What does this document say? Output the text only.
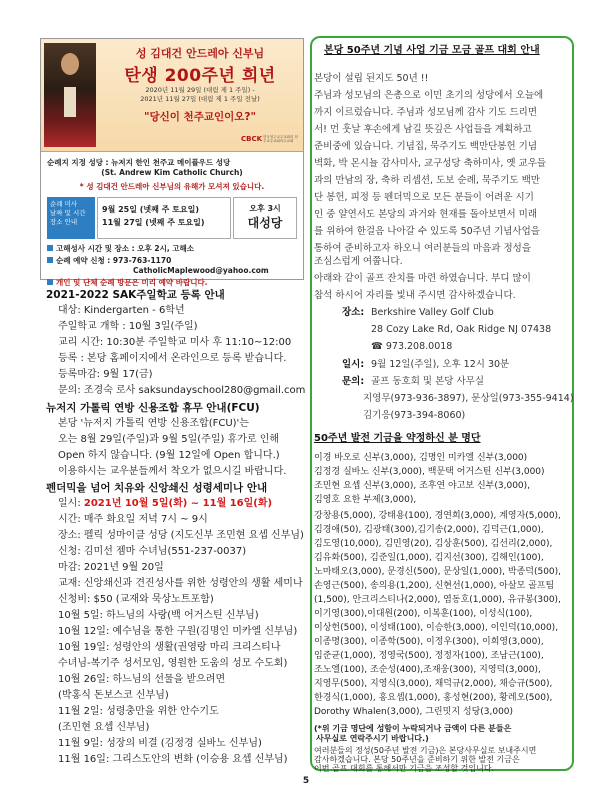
성 김대건 안드레아 신부님
탄생 200주년 희년
2020년 11월 29일 (대림 제 1 주일) -
2021년 11월 27일 (대림 제 1 주일 전날)
"당신이 천주교인이오?"
CBCK 한국천주교주교회의 천주교주교회의주교회
순례지 지정 성당 : 뉴저지 한인 천주교 메이플우드 성당
(St. Andrew Kim Catholic Church)
* 성 김대건 안드레아 신부님의 유해가 모셔져 있습니다.
순례 미사
날짜 및 시간
장소 안내
9월 25일 (넷째 주 토요일)
11월 27일 (넷째 주 토요일)
오후 3시
대성당
고해성사 시간 및 장소 : 오후 2시, 고해소
순례 예약 신청 : 973-763-1170
CatholicMaplewood@yahoo.com
개인 및 단체 순례 방문은 미리 예약 바랍니다.
2021-2022 SAK주일학교 등록 안내
대상: Kindergarten - 6학년
주일학교 개학 : 10월 3일(주일)
교리 시간: 10:30분 주일학교 미사 후 11:10~12:00
등록 : 본당 홈페이지에서 온라인으로 등록 받습니다.
등록마감: 9월 17(금)
문의: 조경숙 로사 saksundayschool280@gmail.com
뉴저지 가톨릭 연방 신용조합 휴무 안내(FCU)
본당 '뉴저지 가톨릭 연방 신용조합(FCU)'는
오는 8월 29일(주일)과 9월 5일(주일) 휴가로 인해
Open 하지 않습니다. (9월 12일에 Open 합니다.)
이용하시는 교우분들께서 착오가 없으시길 바랍니다.
펜더믹을 넘어 치유와 신앙쇄신 성령세미나 안내
일시: 2021년 10월 5일(화) ~ 11월 16일(화)
시간: 매주 화요일 저녁 7시 ~ 9시
장소: 펠릭 성마이클 성당 (지도신부 조민현 요셉 신부님)
신청: 김미선 젬마 수녀님(551-237-0037)
마감: 2021년 9월 20일
교재: 신앙쇄신과 견진성사를 위한 성령안의 생활 세미나
신청비: $50 (교재와 묵상노트포함)
10월 5일: 하느님의 사랑(백 어거스틴 신부님)
10월 12일: 예수님을 통한 구원(김명인 미카엘 신부님)
10월 19일: 성령안의 생활(권영랑 마리 크리스티나
수녀님-복기주 성서모임, 영원한 도움의 성모 수도회)
10월 26일: 하느님의 선물을 받으려면
(박홍식 돈보스코 신부님)
11월 2일: 성령충만을 위한 안수기도
(조민현 요셉 신부님)
11월 9일: 성장의 비결 (김정경 실바노 신부님)
11월 16일: 그리스도안의 변화 (이승용 요셉 신부님)
본당 50주년 기념 사업 기금 모금 골프 대회 안내
본당이 설립 된지도 50년 !!
주님과 성모님의 은총으로 이민 초기의 성당에서 오늘에
까지 이르렀습니다. 주님과 성모님께 감사 기도 드리면
서! 먼 훗날 후손에게 남길 뜻깊은 사업들을 계획하고
준비중에 있습니다. 기념집, 묵주기도 백만단봉헌 기념
벽화, 박 몬시뇰 감사미사, 교구성당 축하미사, 옛 교우들
과의 만남의 장, 축하 리셉션, 도보 순례, 묵주기도 백만
단 봉헌, 피정 등 펜더믹으로 모든 분들이 어려운 시기
인 중 얄연서도 본당의 과거와 현재를 돌아보면서 미래
를 위하여 한걸음 나아갈 수 있도록 50주년 기념사업을
통하여 준비하고자 하오니 여러분들의 마음과 정성을
조심스럽게 여쭙니다.
아래와 같이 골프 잔치를 마련 하였습니다. 부디 많이
참석 하시어 자리를 빛내 주시면 감사하겠습니다.
장소: Berkshire Valley Golf Club
28 Cozy Lake Rd, Oak Ridge NJ 07438
☎ 973.208.0018
일시: 9월 12일(주일), 오후 12시 30분
문의: 골프 동호회 및 본당 사무실
지영무(973-936-3897), 문상일(973-355-9414)
김기응(973-394-8060)
50주년 발전 기금을 약정하신 분 명단
이경 바오로 신부(3,000), 김명인 미카엘 신부(3,000)
김정경 실바노 신부(3,000), 백문택 어거스틴 신부(3,000)
조민현 요셉 신부(3,000), 조후연 야고보 신부(3,000),
김영호 요한 부제(3,000),
강창용(5,000), 강태용(100), 경연희(3,000), 계영자(5,000),
김경애(50), 김광태(300),김기송(2,000), 김덕근(1,000),
김도영(10,000), 김민영(20), 김상훈(500), 김선리(2,000),
김유화(500), 김준일(1,000), 김지선(300), 김해인(100),
노마태오(3,000), 문경신(500), 문상일(1,000), 박종덕(500),
손영근(500), 송의용(1,200), 신현선(1,000), 아살모 골프팀
(1,500), 안크리스티나(2,000), 염동호(1,000), 유규봉(300),
이기영(300),이대원(200), 이복훈(100), 이성식(100),
이상헌(500), 이성태(100), 이승한(3,000), 이인덕(10,000),
이종명(300), 이종학(500), 이정우(300), 이희영(3,000),
임준균(1,000), 정영국(500), 정정자(100), 조남근(100),
조노엘(100), 조순성(400),조재웅(300), 지영덕(3,000),
지영무(500), 지영식(3,000), 채덕규(2,000), 채승규(500),
한경식(1,000), 홍요셉(1,000), 홍성현(200), 황레오(500),
Dorothy Whalen(3,000), 그린밋지 성당(3,000)
(*위 기금 명단에 성함이 누락되거나 금액이 다른 분들은
사무실로 연락주시기 바랍니다.)
여러분들의 정성(50주년 발전 기금)은 본당사무실로 보내주시면
감사하겠습니다. 본당 50주년을 준비하기 위한 발전 기금은
이번 골프 대회를 통해서만 기금을 조성할 것입니다.
5
